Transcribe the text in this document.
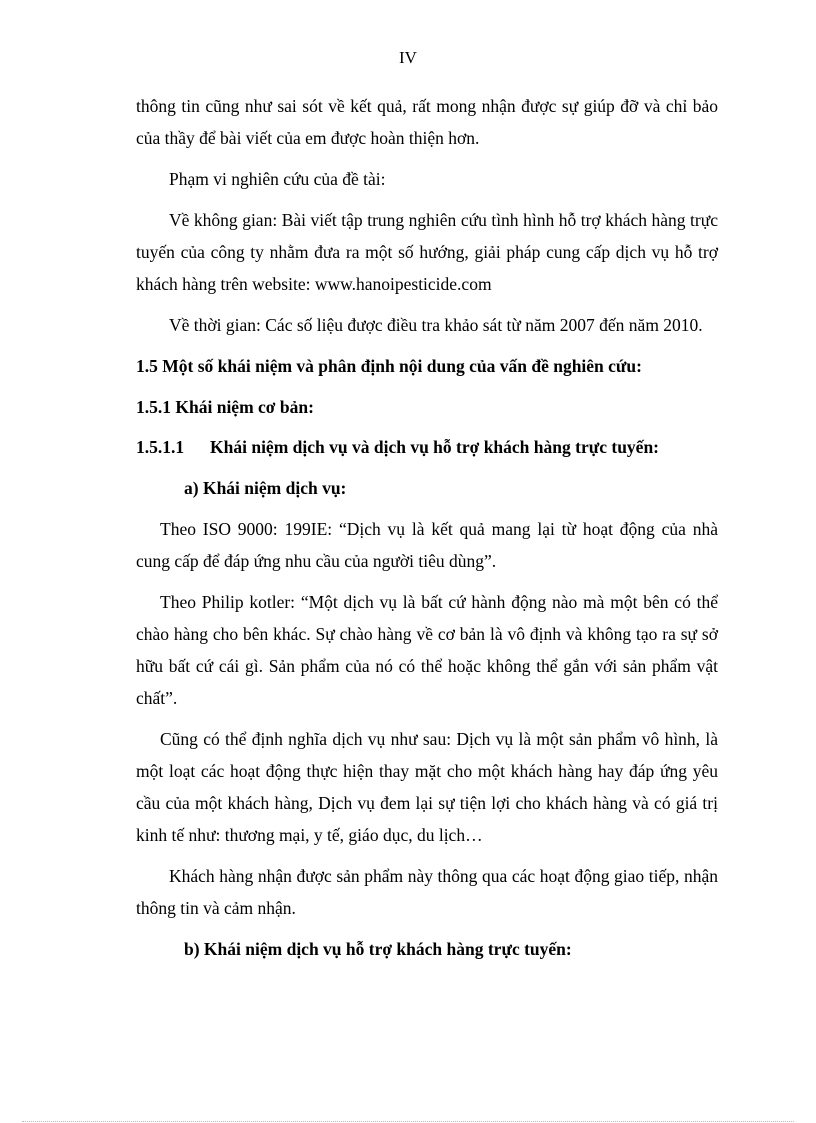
IV

thông tin cũng như sai sót về kết quả, rất mong nhận được sự giúp đỡ và chỉ bảo của thầy để bài viết của em được hoàn thiện hơn.

Phạm vi nghiên cứu của đề tài:

Về không gian: Bài viết tập trung nghiên cứu tình hình hỗ trợ khách hàng trực tuyến của công ty nhằm đưa ra một số hướng, giải pháp cung cấp dịch vụ hỗ trợ khách hàng trên website: www.hanoipesticide.com

Về thời gian: Các số liệu được điều tra khảo sát từ năm 2007 đến năm 2010.

1.5 Một số khái niệm và phân định nội dung của vấn đề nghiên cứu:
1.5.1 Khái niệm cơ bản:
1.5.1.1 Khái niệm dịch vụ và dịch vụ hỗ trợ khách hàng trực tuyến:
a) Khái niệm dịch vụ:

Theo ISO 9000: 199IE: “Dịch vụ là kết quả mang lại từ hoạt động của nhà cung cấp để đáp ứng nhu cầu của người tiêu dùng”.

Theo Philip kotler: “Một dịch vụ là bất cứ hành động nào mà một bên có thể chào hàng cho bên khác. Sự chào hàng về cơ bản là vô định và không tạo ra sự sở hữu bất cứ cái gì. Sản phẩm của nó có thể hoặc không thể gắn với sản phẩm vật chất”.

Cũng có thể định nghĩa dịch vụ như sau: Dịch vụ là một sản phẩm vô hình, là một loạt các hoạt động thực hiện thay mặt cho một khách hàng hay đáp ứng yêu cầu của một khách hàng, Dịch vụ đem lại sự tiện lợi cho khách hàng và có giá trị kinh tế như: thương mại, y tế, giáo dục, du lịch…

Khách hàng nhận được sản phẩm này thông qua các hoạt động giao tiếp, nhận thông tin và cảm nhận.

b) Khái niệm dịch vụ hỗ trợ khách hàng trực tuyến:
